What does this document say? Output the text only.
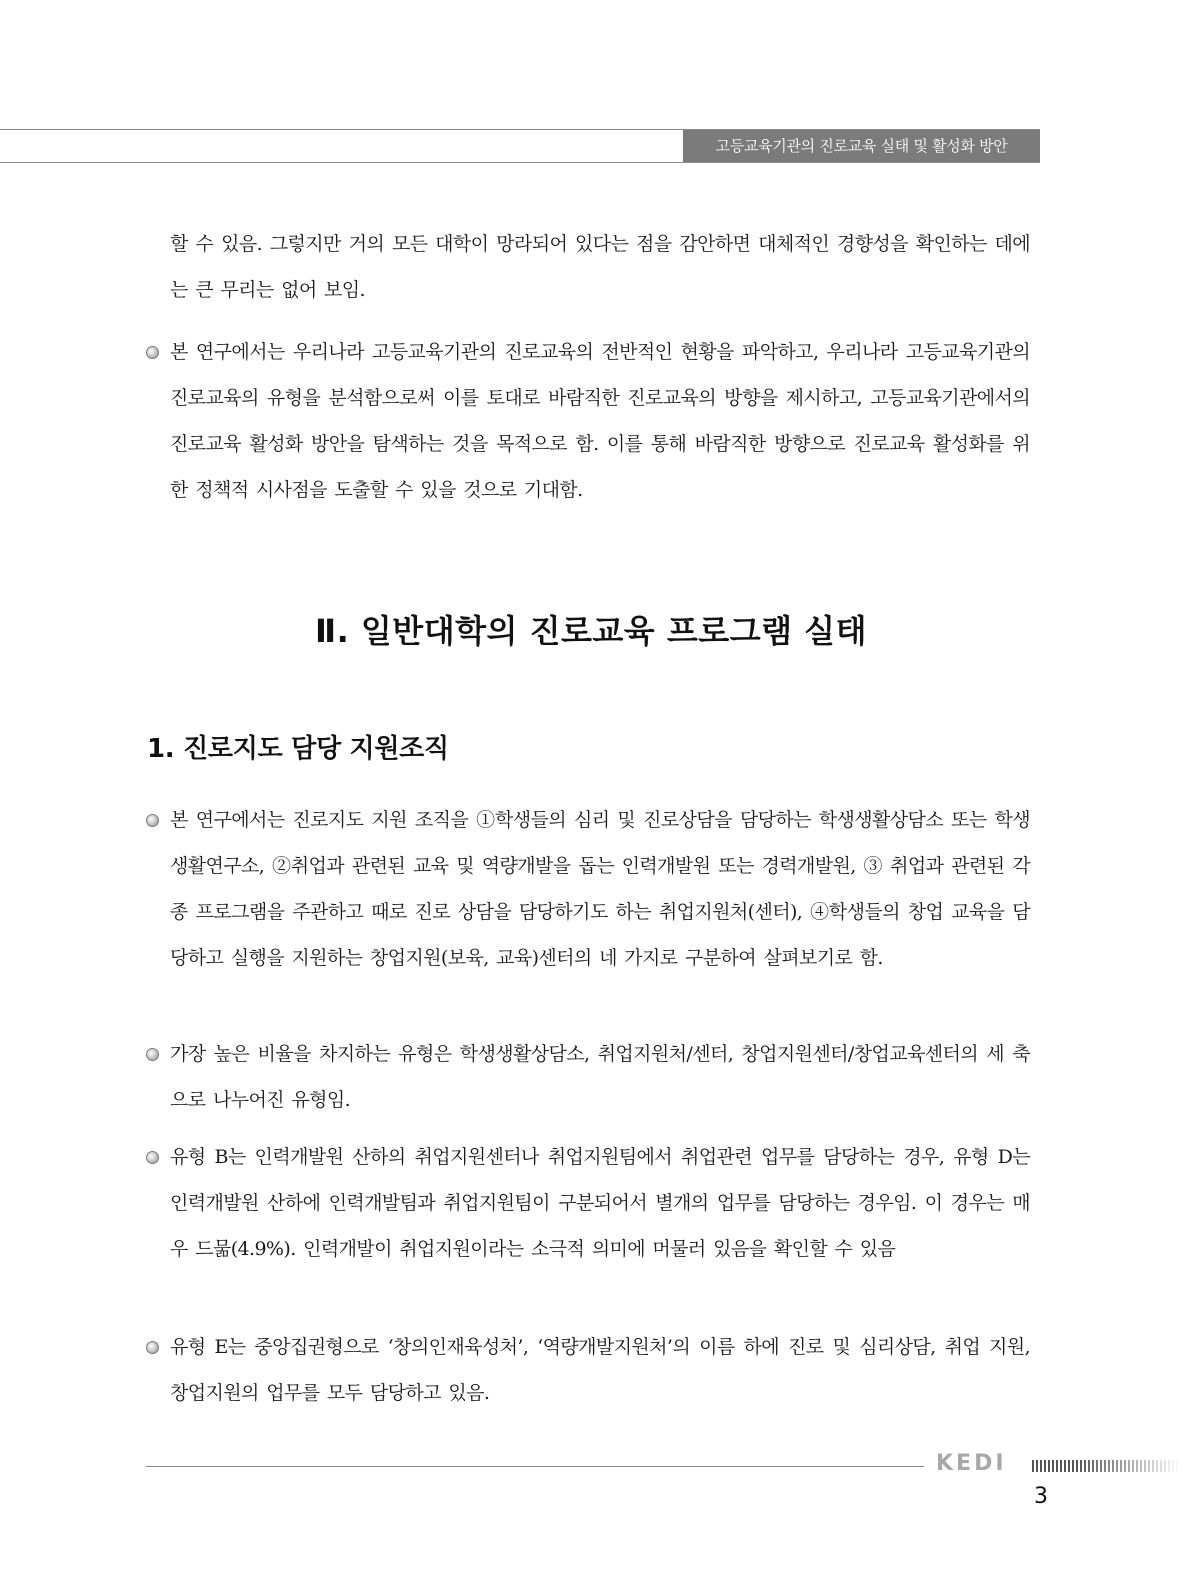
고등교육기관의 진로교육 실태 및 활성화 방안

할 수 있음. 그렇지만 거의 모든 대학이 망라되어 있다는 점을 감안하면 대체적인 경향성을 확인하는 데에는 큰 무리는 없어 보임.

본 연구에서는 우리나라 고등교육기관의 진로교육의 전반적인 현황을 파악하고, 우리나라 고등교육기관의 진로교육의 유형을 분석함으로써 이를 토대로 바람직한 진로교육의 방향을 제시하고, 고등교육기관에서의 진로교육 활성화 방안을 탐색하는 것을 목적으로 함. 이를 통해 바람직한 방향으로 진로교육 활성화를 위한 정책적 시사점을 도출할 수 있을 것으로 기대함.

Ⅱ. 일반대학의 진로교육 프로그램 실태
1. 진로지도 담당 지원조직

본 연구에서는 진로지도 지원 조직을 ①학생들의 심리 및 진로상담을 담당하는 학생생활상담소 또는 학생생활연구소, ②취업과 관련된 교육 및 역량개발을 돕는 인력개발원 또는 경력개발원, ③ 취업과 관련된 각종 프로그램을 주관하고 때로 진로 상담을 담당하기도 하는 취업지원처(센터), ④학생들의 창업 교육을 담당하고 실행을 지원하는 창업지원(보육, 교육)센터의 네 가지로 구분하여 살펴보기로 함.

가장 높은 비율을 차지하는 유형은 학생생활상담소, 취업지원처/센터, 창업지원센터/창업교육센터의 세 축으로 나누어진 유형임.

유형 B는 인력개발원 산하의 취업지원센터나 취업지원팀에서 취업관련 업무를 담당하는 경우, 유형 D는 인력개발원 산하에 인력개발팀과 취업지원팀이 구분되어서 별개의 업무를 담당하는 경우임. 이 경우는 매우 드묾(4.9%). 인력개발이 취업지원이라는 소극적 의미에 머물러 있음을 확인할 수 있음

유형 E는 중앙집권형으로 ‘창의인재육성처’, ‘역량개발지원처’의 이름 하에 진로 및 심리상담, 취업 지원, 창업지원의 업무를 모두 담당하고 있음.

KEDI
3
